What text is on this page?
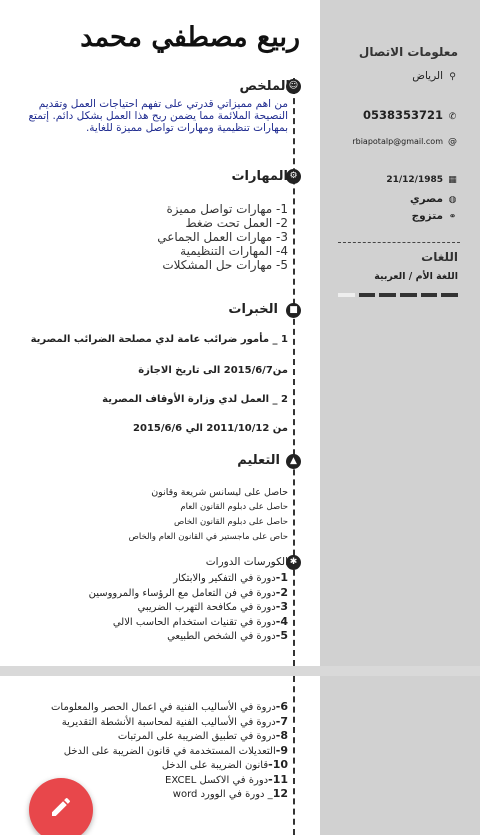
ربيع مصطفي محمد
☺
الملخص
من اهم مميزاتي قدرتي على تفهم احتياجات العمل وتقديم النصيحة الملائمة مما يضمن ربح هذا العمل بشكل دائم. إتمتع بمهارات تنظيمية ومهارات تواصل مميزة للغاية.
⚙
المهارات
1- مهارات تواصل مميزة
2- العمل تحت ضغط
3- مهارات العمل الجماعي
4- المهارات التنظيمية
5- مهارات حل المشكلات
■
الخبرات
1 _ مأمور ضرائب عامة لدي مصلحة الضرائب المصرية
من2015/6/7 الى تاريخ الاجازة
2 _ العمل لدي وزارة الأوقاف المصرية
من 2011/10/12 الي 2015/6/6
▲
التعليم
حاصل على ليسانس شريعة وقانون
حاصل على دبلوم القانون العام
حاصل على دبلوم القانون الخاص
حاص على ماجستير في القانون العام والخاص
✱
الكورسات الدورات
1-دورة في التفكير والابتكار
2-دورة في فن التعامل مع الرؤساء والمرووسين
3-دورة في مكافحة التهرب الضريبي
4-دورة في تقنيات استخدام الحاسب الالي
5-دورة في الشخص الطبيعي
معلومات الاتصال
⚲الرياض
✆0538353721
@rbiapotalp@gmail.com
▦21/12/1985
◍مصري
⚭متزوج
اللغات
اللغة الأم / العربية
6-دروة في الأساليب الفنية في اعمال الحصر والمعلومات
7-دروة في الأساليب الفنية لمحاسبة الأنشطة التقديرية
8-دروة في تطبيق الضريبة على المرتبات
9-التعديلات المستخدمة في قانون الضريبة على الدخل
10-قانون الضريبة على الدخل
11-دورة في الاكسل EXCEL
12_ دورة في الوورد word
